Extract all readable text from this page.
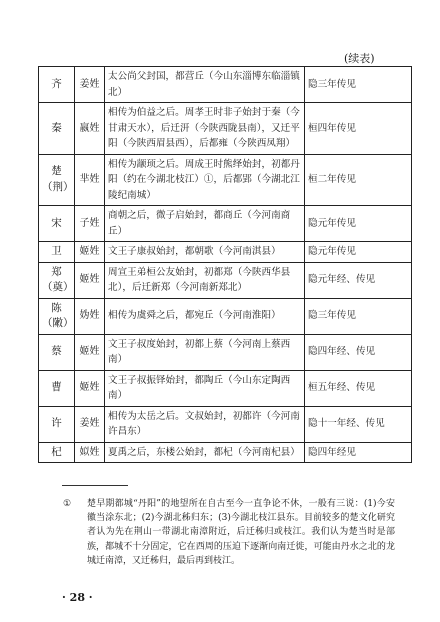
(续表)
齐	姜姓	太公尚父封国，都营丘（今山东淄博东临淄镇北）	隐三年传见
秦	嬴姓	相传为伯益之后。周孝王时非子始封于秦（今甘肃天水），后迁汧（今陕西陇县南），又迁平阳（今陕西眉县西），后都雍（今陕西凤翔）	桓四年传见
楚（荆）	芈姓	相传为颛顼之后。周成王时熊绎始封，初都丹阳（约在今湖北枝江）①，后都郢（今湖北江陵纪南城）	桓二年传见
宋	子姓	商朝之后，微子启始封，都商丘（今河南商丘）	隐元年传见
卫	姬姓	文王子康叔始封，都朝歌（今河南淇县）	隐元年传见
郑（奠）	姬姓	周宣王弟桓公友始封，初都郑（今陕西华县北），后迁新郑（今河南新郑北）	隐元年经、传见
陈（敶）	妫姓	相传为虞舜之后，都宛丘（今河南淮阳）	隐三年传见
蔡	姬姓	文王子叔度始封，初都上蔡（今河南上蔡西南）	隐四年经、传见
曹	姬姓	文王子叔振铎始封，都陶丘（今山东定陶西南）	桓五年经、传见
许	姜姓	相传为太岳之后。文叔始封，初都许（今河南许昌东）	隐十一年经、传见
杞	姒姓	夏禹之后，东楼公始封，都杞（今河南杞县）	隐四年经见
① 楚早期都城“丹阳”的地望所在自古至今一直争论不休，一般有三说：(1)今安徽当涂东北；(2)今湖北秭归东；(3)今湖北枝江县东。目前较多的楚文化研究者认为先在荆山一带湖北南漳附近，后迁秭归或枝江。我们认为楚当时是部族，都城不十分固定，它在西周的压迫下逐渐向南迁徙，可能由丹水之北的龙城迁南漳，又迁秭归，最后再到枝江。
· 28 ·
